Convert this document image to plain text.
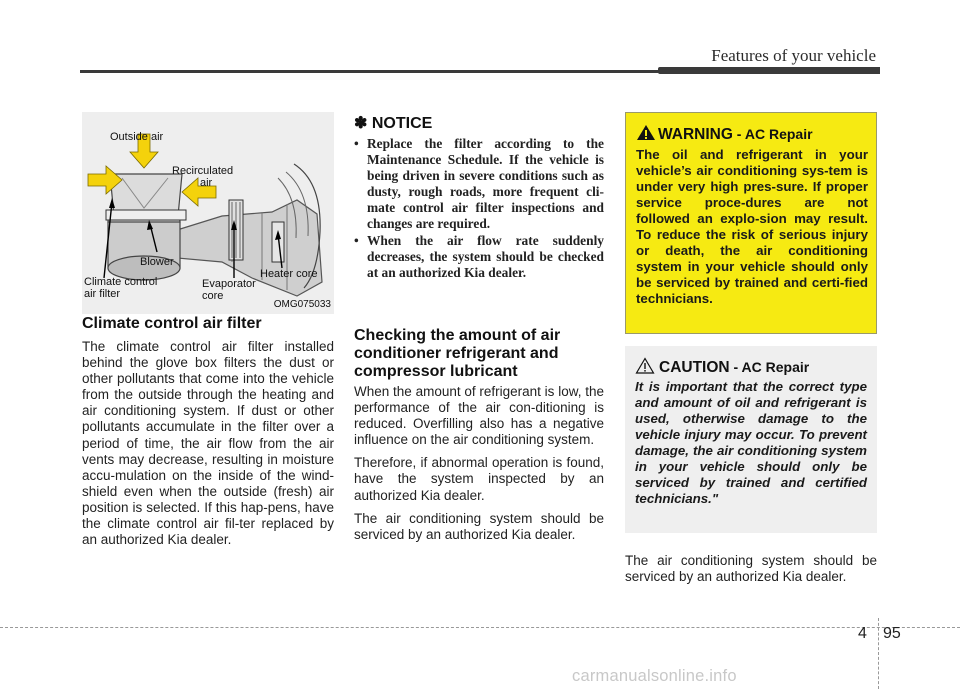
Features of your vehicle
Outside air
Recirculated
air
Blower
Climate control
air filter
Evaporator
core
Heater core
OMG075033
Climate control air filter
The climate control air filter installed behind the glove box filters the dust or other pollutants that come into the vehicle from the outside through the heating and air conditioning system. If dust or other pollutants accumulate in the filter over a period of time, the air flow from the air vents may decrease, resulting in moisture accu-mulation on the inside of the wind-shield even when the outside (fresh) air position is selected. If this hap-pens, have the climate control air fil-ter replaced by an authorized Kia dealer.
✽ NOTICE
• Replace the filter according to the Maintenance Schedule. If the vehicle is being driven in severe conditions such as dusty, rough roads, more frequent cli-mate control air filter inspections and changes are required.
• When the air flow rate suddenly decreases, the system should be checked at an authorized Kia dealer.
Checking the amount of air conditioner refrigerant and compressor lubricant

When the amount of refrigerant is low, the performance of the air con-ditioning is reduced. Overfilling also has a negative influence on the air conditioning system.

Therefore, if abnormal operation is found, have the system inspected by an authorized Kia dealer.

The air conditioning system should be serviced by an authorized Kia dealer.

WARNING - AC Repair
The oil and refrigerant in your vehicle’s air conditioning sys-tem is under very high pres-sure. If proper service proce-dures are not followed an explo-sion may result. To reduce the risk of serious injury or death, the air conditioning system in your vehicle should only be serviced by trained and certi-fied technicians.
CAUTION - AC Repair
It is important that the correct type and amount of oil and refrigerant is used, otherwise damage to the vehicle injury may occur. To prevent damage, the air conditioning system in your vehicle should only be serviced by trained and certified technicians."
The air conditioning system should be serviced by an authorized Kia dealer.
4 95
carmanualsonline.info
